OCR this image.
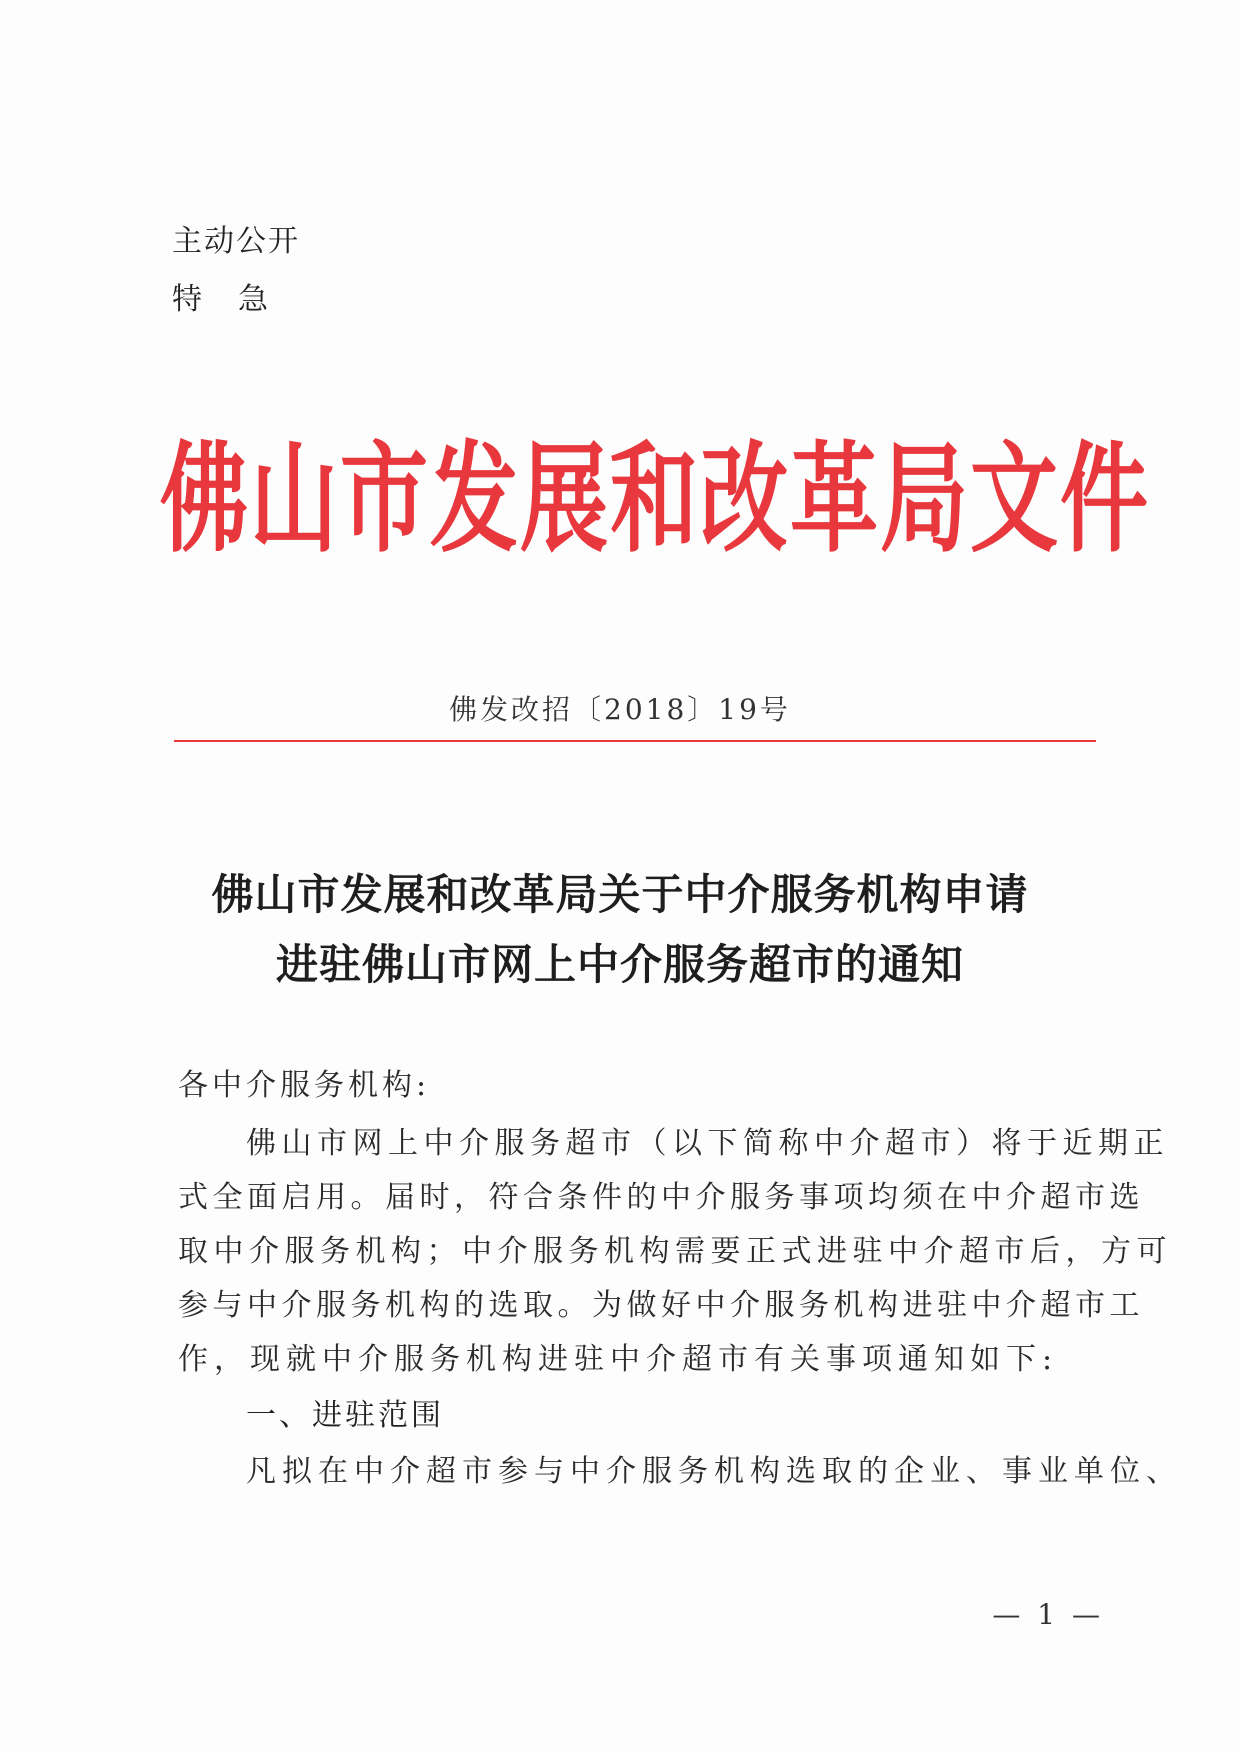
主动公开
特急
佛山市发展和改革局文件
佛发改招〔2018〕19号
佛山市发展和改革局关于中介服务机构申请
进驻佛山市网上中介服务超市的通知
各中介服务机构:
佛山市网上中介服务超市（以下简称中介超市）将于近期正
式全面启用。届时，符合条件的中介服务事项均须在中介超市选
取中介服务机构；中介服务机构需要正式进驻中介超市后，方可
参与中介服务机构的选取。为做好中介服务机构进驻中介超市工
作，现就中介服务机构进驻中介超市有关事项通知如下:
一、进驻范围
凡拟在中介超市参与中介服务机构选取的企业、事业单位、
— 1 —
